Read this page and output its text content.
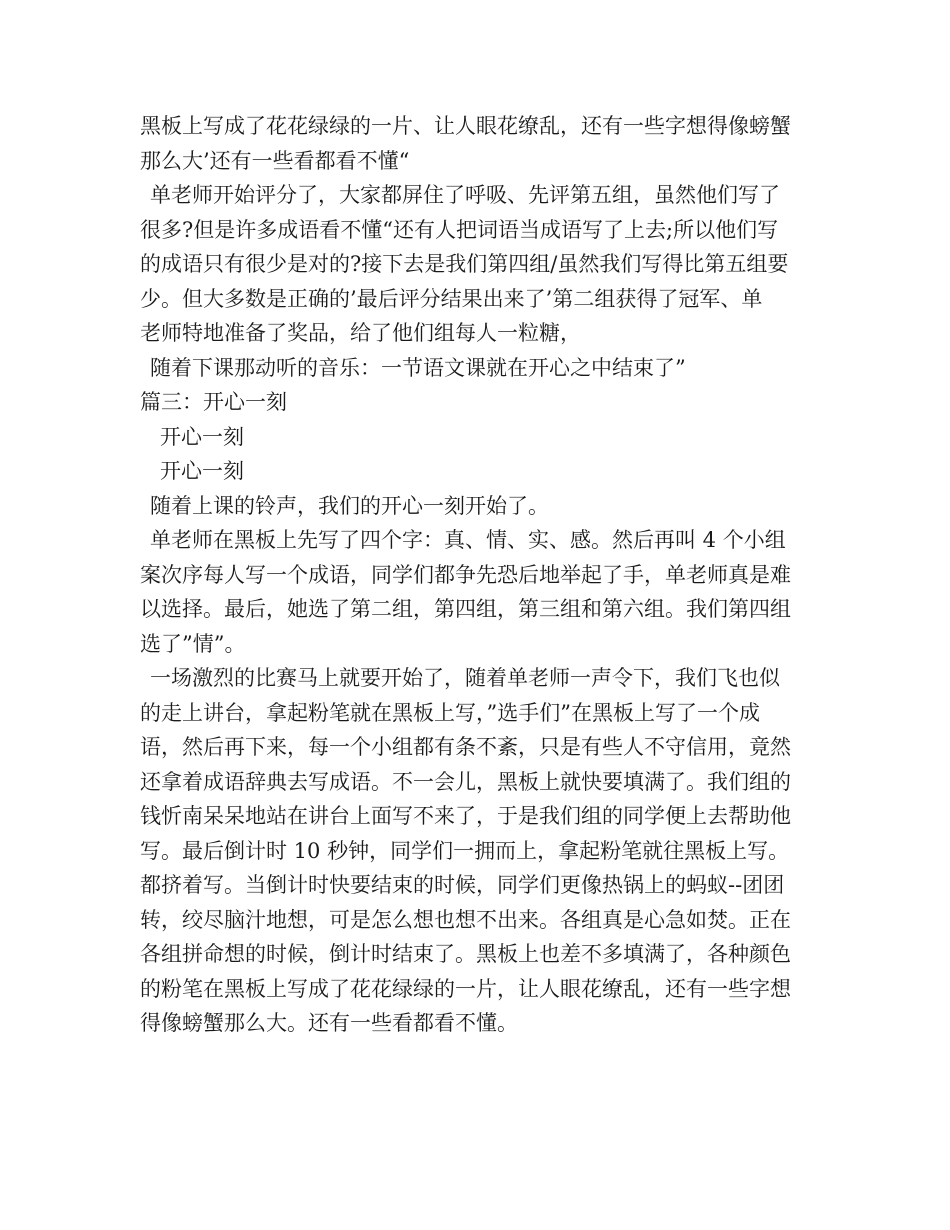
黑板上写成了花花绿绿的一片、让人眼花缭乱，还有一些字想得像螃蟹

那么大’还有一些看都看不懂“

单老师开始评分了，大家都屏住了呼吸、先评第五组，虽然他们写了

很多?但是许多成语看不懂“还有人把词语当成语写了上去;所以他们写

的成语只有很少是对的?接下去是我们第四组/虽然我们写得比第五组要

少。但大多数是正确的’最后评分结果出来了’第二组获得了冠军、单

老师特地准备了奖品，给了他们组每人一粒糖，

随着下课那动听的音乐：一节语文课就在开心之中结束了”

篇三：开心一刻

开心一刻

开心一刻

随着上课的铃声，我们的开心一刻开始了。

单老师在黑板上先写了四个字：真、情、实、感。然后再叫 4 个小组

案次序每人写一个成语，同学们都争先恐后地举起了手，单老师真是难

以选择。最后，她选了第二组，第四组，第三组和第六组。我们第四组

选了”情”。

一场激烈的比赛马上就要开始了，随着单老师一声令下，我们飞也似

的走上讲台，拿起粉笔就在黑板上写，”选手们”在黑板上写了一个成

语，然后再下来，每一个小组都有条不紊，只是有些人不守信用，竟然

还拿着成语辞典去写成语。不一会儿，黑板上就快要填满了。我们组的

钱忻南呆呆地站在讲台上面写不来了，于是我们组的同学便上去帮助他

写。最后倒计时 10 秒钟，同学们一拥而上，拿起粉笔就往黑板上写。

都挤着写。当倒计时快要结束的时候，同学们更像热锅上的蚂蚁--团团

转，绞尽脑汁地想，可是怎么想也想不出来。各组真是心急如焚。正在

各组拼命想的时候，倒计时结束了。黑板上也差不多填满了，各种颜色

的粉笔在黑板上写成了花花绿绿的一片，让人眼花缭乱，还有一些字想

得像螃蟹那么大。还有一些看都看不懂。
